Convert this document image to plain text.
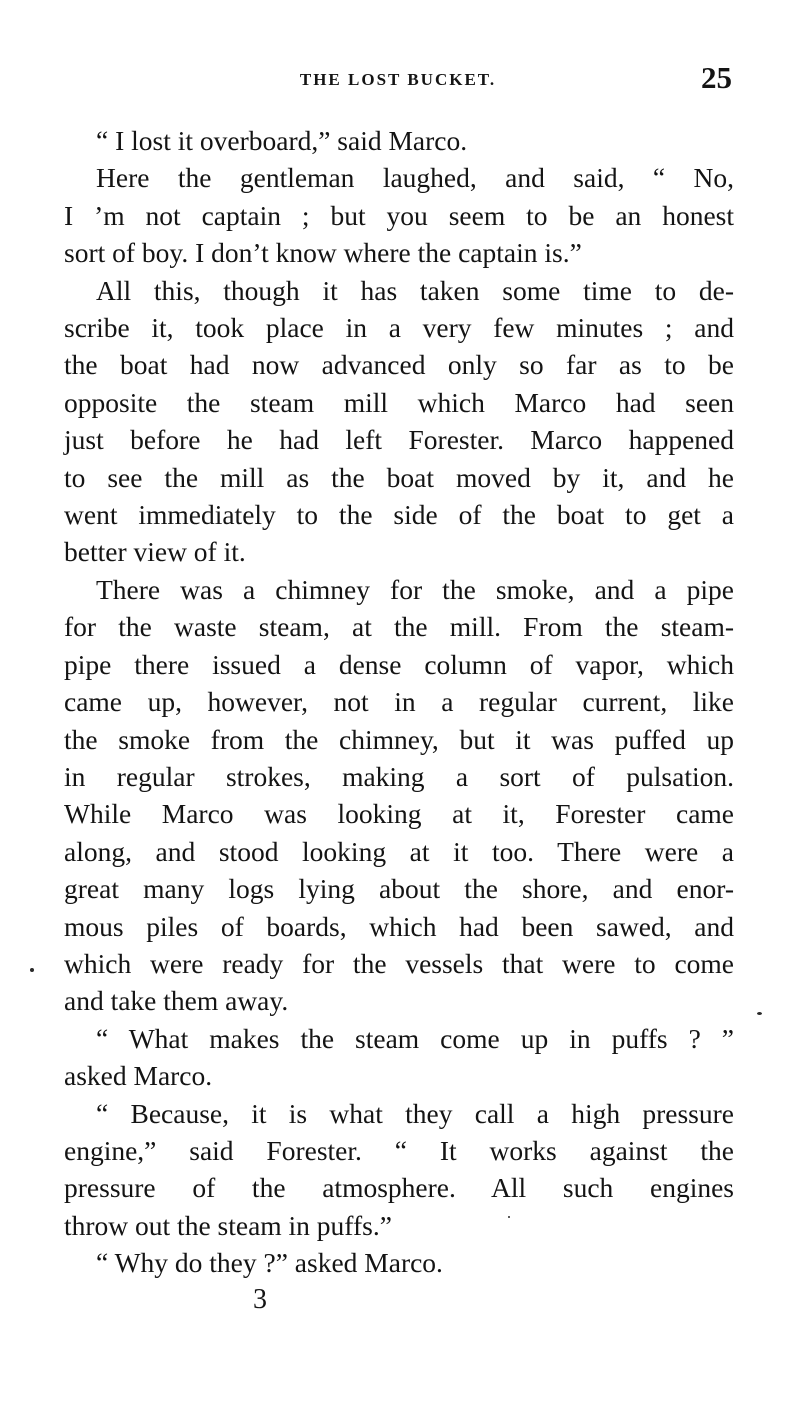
THE LOST BUCKET.	25

“ I lost it overboard,” said Marco.

Here the gentleman laughed, and said, “ No,
I ’m not captain ; but you seem to be an honest
sort of boy. I don’t know where the captain is.”

All this, though it has taken some time to de-
scribe it, took place in a very few minutes ; and
the boat had now advanced only so far as to be
opposite the steam mill which Marco had seen
just before he had left Forester. Marco happened
to see the mill as the boat moved by it, and he
went immediately to the side of the boat to get a
better view of it.

There was a chimney for the smoke, and a pipe
for the waste steam, at the mill. From the steam-
pipe there issued a dense column of vapor, which
came up, however, not in a regular current, like
the smoke from the chimney, but it was puffed up
in regular strokes, making a sort of pulsation.
While Marco was looking at it, Forester came
along, and stood looking at it too. There were a
great many logs lying about the shore, and enor-
mous piles of boards, which had been sawed, and
which were ready for the vessels that were to come
and take them away.

“ What makes the steam come up in puffs ? ”
asked Marco.

“ Because, it is what they call a high pressure
engine,” said Forester. “ It works against the
pressure of the atmosphere. All such engines
throw out the steam in puffs.”

“ Why do they ?” asked Marco.

3
